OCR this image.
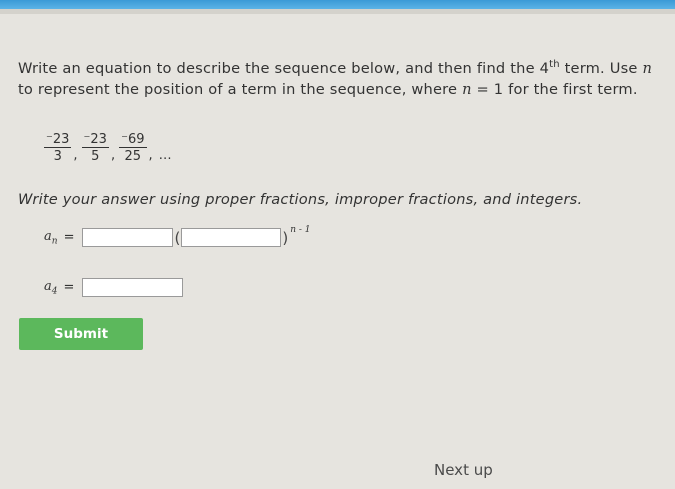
Write an equation to describe the sequence below, and then find the 4th term. Use n to represent the position of a term in the sequence, where n = 1 for the first term.
$\frac{^-23}{3}$ , $\frac{^-23}{5}$ , $\frac{^-69}{25}$ , …
Write your answer using proper fractions, improper fractions, and integers.
$a_n$ =	(	) n - 1
$a_4$ =
Submit
Next up
